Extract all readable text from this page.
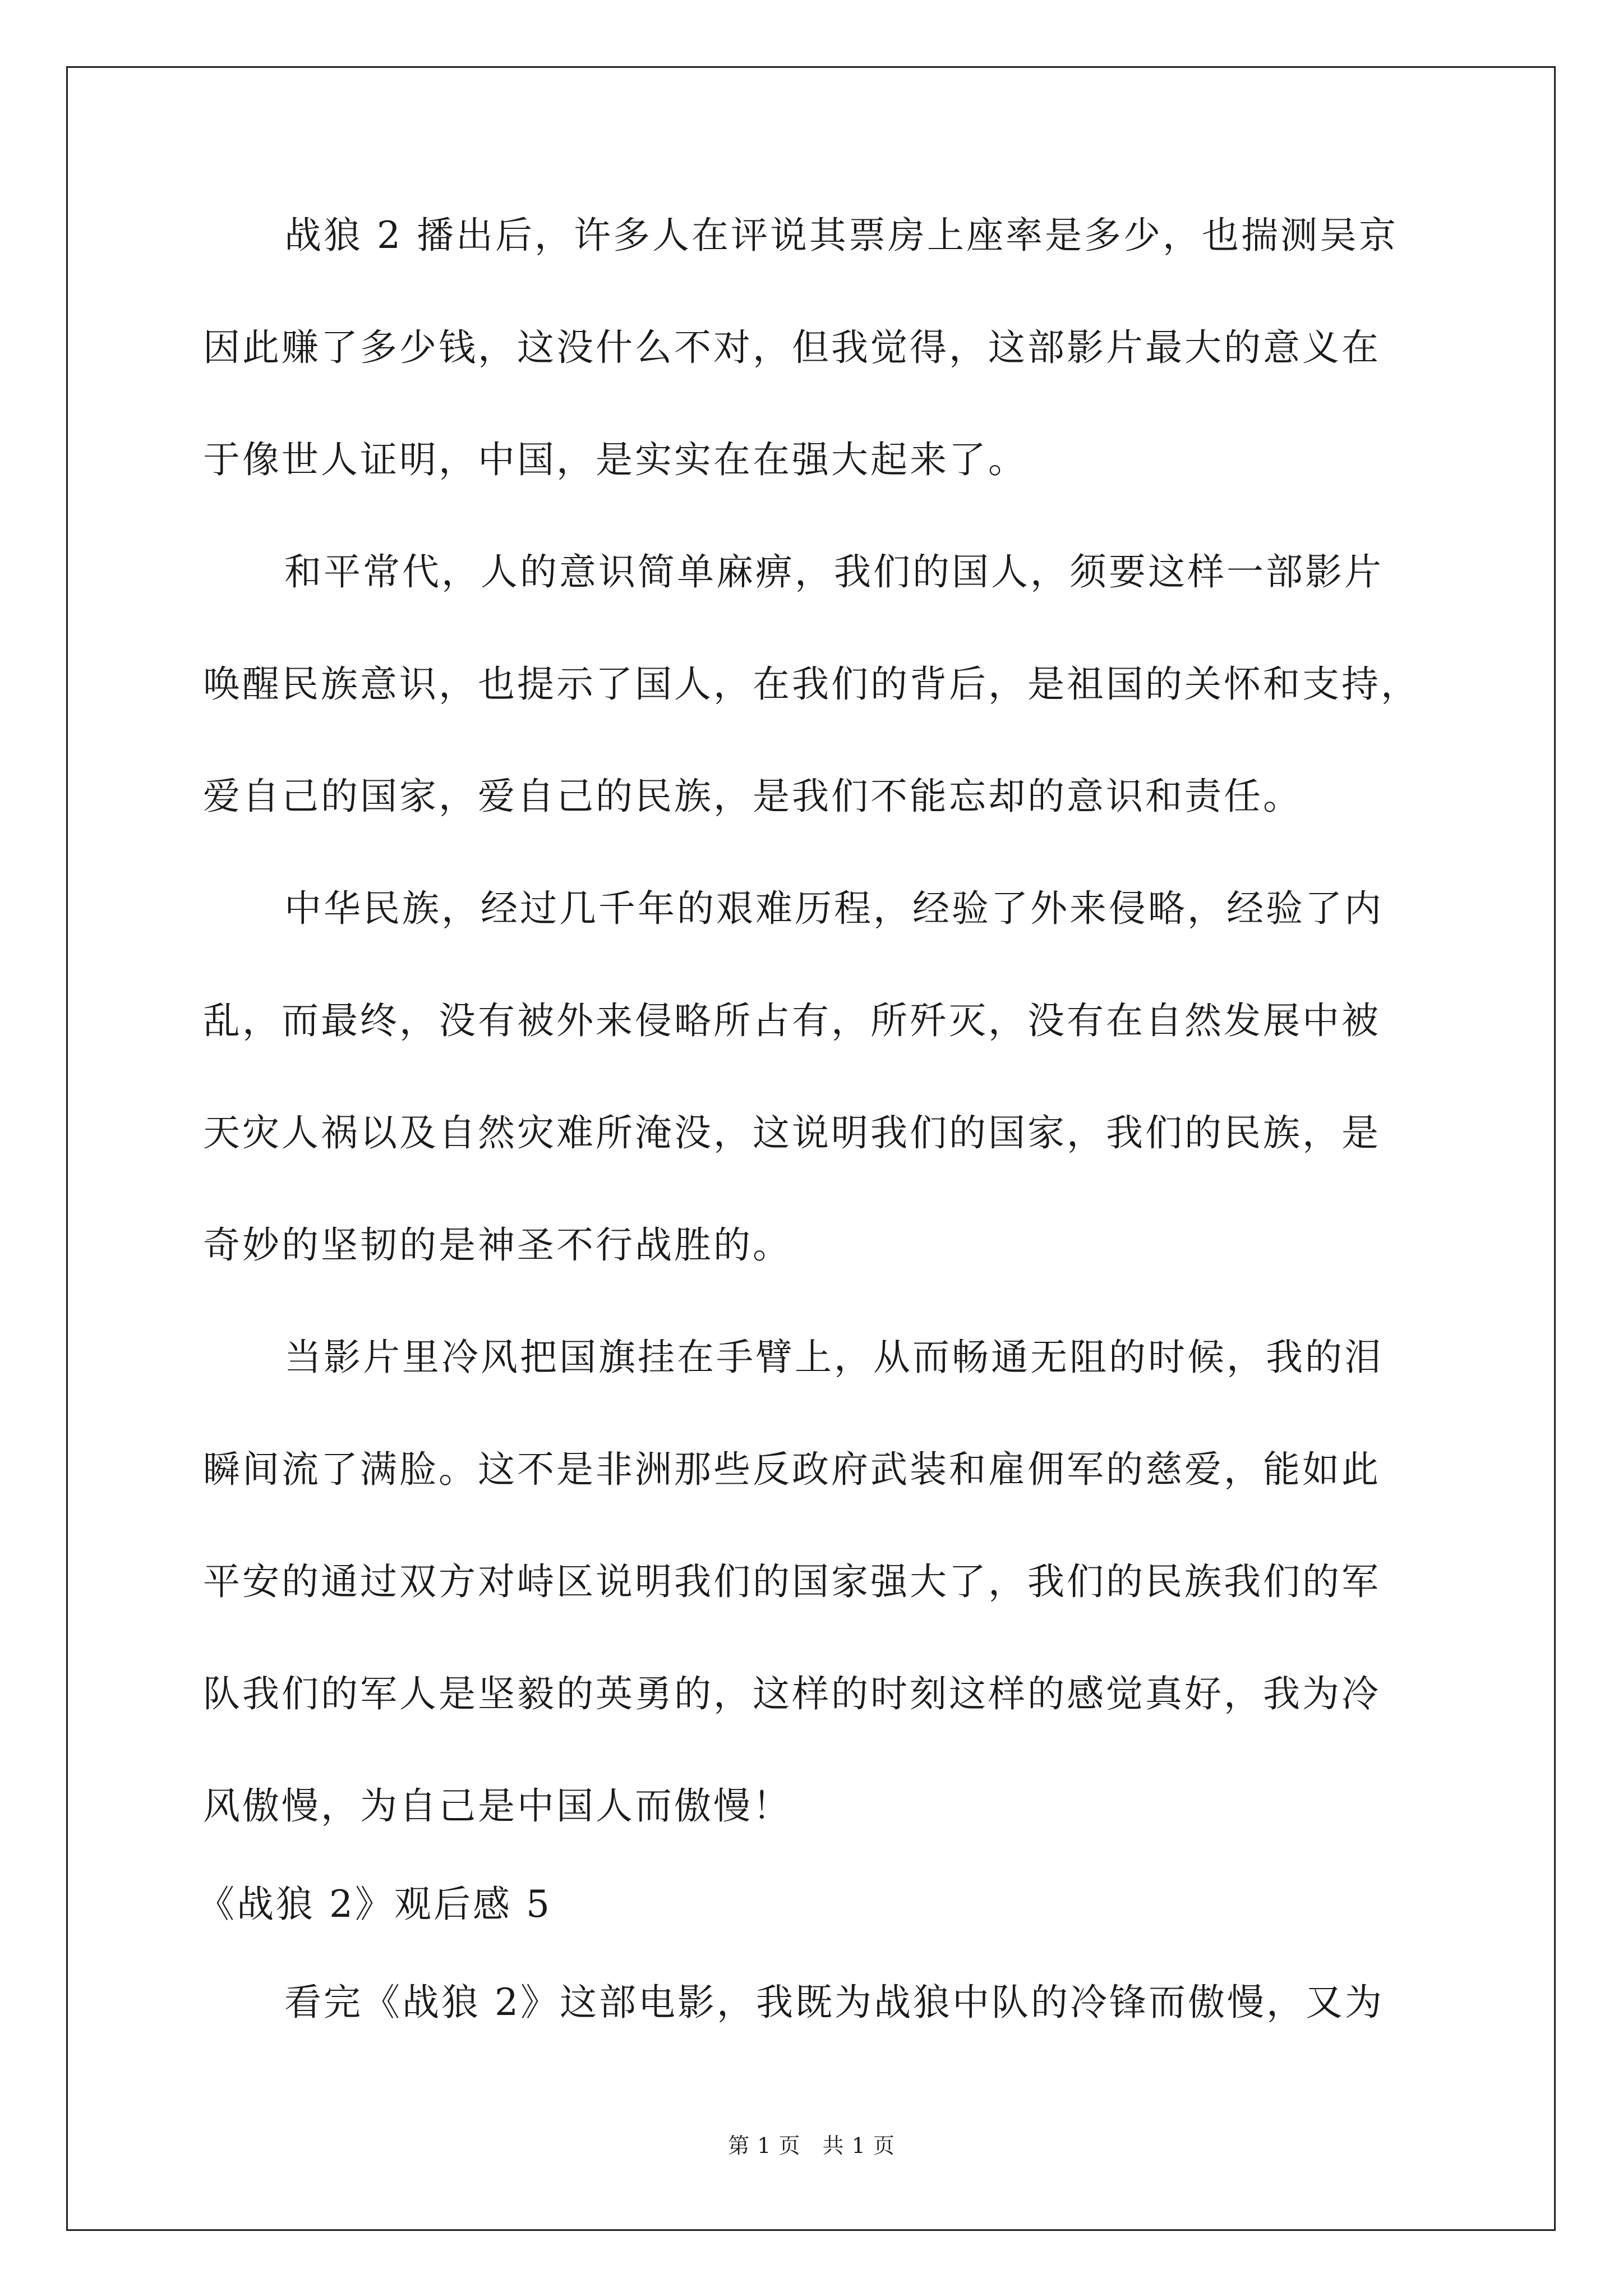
战狼 2 播出后，许多人在评说其票房上座率是多少，也揣测吴京
因此赚了多少钱，这没什么不对，但我觉得，这部影片最大的意义在
于像世人证明，中国，是实实在在强大起来了。
和平常代，人的意识简单麻痹，我们的国人，须要这样一部影片
唤醒民族意识，也提示了国人，在我们的背后，是祖国的关怀和支持，
爱自己的国家，爱自己的民族，是我们不能忘却的意识和责任。
中华民族，经过几千年的艰难历程，经验了外来侵略，经验了内
乱，而最终，没有被外来侵略所占有，所歼灭，没有在自然发展中被
天灾人祸以及自然灾难所淹没，这说明我们的国家，我们的民族，是
奇妙的坚韧的是神圣不行战胜的。
当影片里冷风把国旗挂在手臂上，从而畅通无阻的时候，我的泪
瞬间流了满脸。这不是非洲那些反政府武装和雇佣军的慈爱，能如此
平安的通过双方对峙区说明我们的国家强大了，我们的民族我们的军
队我们的军人是坚毅的英勇的，这样的时刻这样的感觉真好，我为冷
风傲慢，为自己是中国人而傲慢！
《战狼 2》观后感 5
看完《战狼 2》这部电影，我既为战狼中队的冷锋而傲慢，又为
第 1 页　共 1 页
